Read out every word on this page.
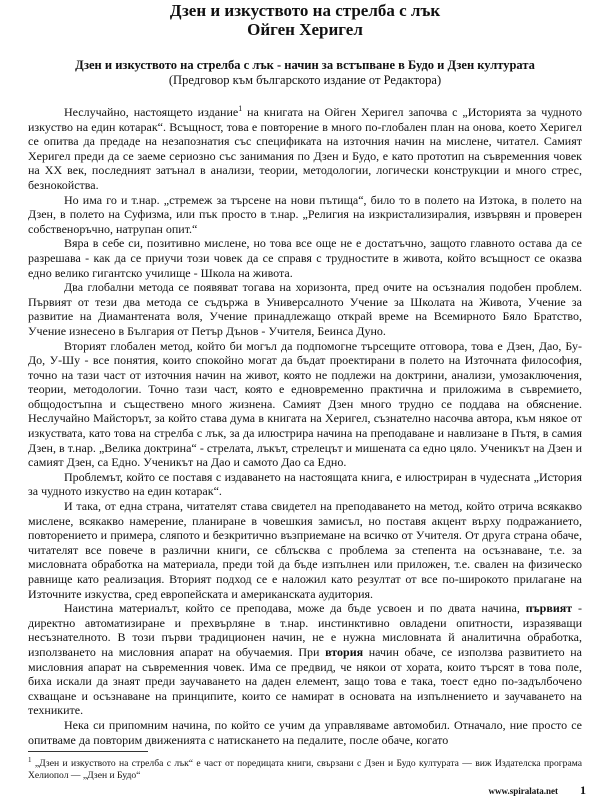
Дзен и изкуството на стрелба с лък
Ойген Херигел
Дзен и изкуството на стрелба с лък - начин за встъпване в Будо и Дзен културата
(Предговор към българското издание от Редактора)

Неслучайно, настоящето издание$^1$ на книгата на Ойген Херигел започва с „Историята за чудното изкуство на един котарак“. Всъщност, това е повторение в много по-глобален план на онова, което Херигел се опитва да предаде на незапознатия със спецификата на източния начин на мислене, читател. Самият Херигел преди да се заеме сериозно със занимания по Дзен и Будо, е като прототип на съвременния човек на ХХ век, последният затънал в анализи, теории, методологии, логически конструкции и много стрес, безнокойства.

Но има го и т.нар. „стремеж за търсене на нови пътища“, било то в полето на Изтока, в полето на Дзен, в полето на Суфизма, или пък просто в т.нар. „Религия на изкристализиралия, извървян и проверен собственоръчно, натрупан опит.“

Вяра в себе си, позитивно мислене, но това все още не е достатъчно, защото главното остава да се разрешава - как да се приучи този човек да се справя с трудностите в живота, който всъщност се оказва едно велико гигантско училище - Школа на живота.

Два глобални метода се появяват тогава на хоризонта, пред очите на осъзналия подобен проблем. Първият от тези два метода се съдържа в Универсалното Учение за Школата на Живота, Учение за развитие на Диамантената воля, Учение принадлежащо открай време на Всемирното Бяло Братство, Учение изнесено в България от Петър Дънов - Учителя, Беинса Дуно.

Вторият глобален метод, който би могъл да подпомогне търсещите отговора, това е Дзен, Дао, Бу-До, У-Шу - все понятия, които спокойно могат да бъдат проектирани в полето на Източната философия, точно на тази част от източния начин на живот, която не подлежи на доктрини, анализи, умозаключения, теории, методологии. Точно тази част, която е едновременно практична и приложима в съвремието, общодостъпна и съществено много жизнена. Самият Дзен много трудно се поддава на обяснение. Неслучайно Майсторът, за който става дума в книгата на Херигел, съзнателно насочва автора, към някое от изкуствата, като това на стрелба с лък, за да илюстрира начина на преподаване и навлизане в Пътя, в самия Дзен, в т.нар. „Велика доктрина“ - стрелата, лъкът, стрелецът и мишената са едно цяло. Ученикът на Дзен и самият Дзен, са Едно. Ученикът на Дао и самото Дао са Едно.

Проблемът, който се поставя с издаването на настоящата книга, е илюстриран в чудесната „История за чудното изкуство на един котарак“.

И така, от една страна, читателят става свидетел на преподаването на метод, който отрича всякакво мислене, всякакво намерение, планиране в човешкия замисъл, но поставя акцент върху подражанието, повторението и примера, сляпото и безкритично възприемане на всичко от Учителя. От друга страна обаче, читателят все повече в различни книги, се сблъсква с проблема за степента на осъзнаване, т.е. за мисловната обработка на материала, преди той да бъде изпълнен или приложен, т.е. свален на физическо равнище като реализация. Вторият подход се е наложил като резултат от все по-широкото прилагане на Източните изкуства, сред европейската и американската аудитория.

Наистина материалът, който се преподава, може да бъде усвоен и по двата начина, първият - директно автоматизиране и прехвърляне в т.нар. инстинктивно овладени опитности, изразяващи несъзнателното. В този първи традиционен начин, не е нужна мисловната й аналитична обработка, използването на мисловния апарат на обучаемия. При втория начин обаче, се използва развитието на мисловния апарат на съвременния човек. Има се предвид, че някои от хората, които търсят в това поле, биха искали да знаят преди заучаването на даден елемент, защо това е така, тоест едно по-задълбочено схващане и осъзнаване на принципите, които се намират в основата на изпълнението и заучаването на техниките.

Нека си припомним начина, по който се учим да управляваме автомобил. Отначало, ние просто се опитваме да повторим движенията с натискането на педалите, после обаче, когато

$^1$ „Дзен и изкуството на стрелба с лък“ е част от поредицата книги, свързани с Дзен и Будо културата — виж Издателска програма Хелиопол — „Дзен и Будо“

www.spiralata.net 1
